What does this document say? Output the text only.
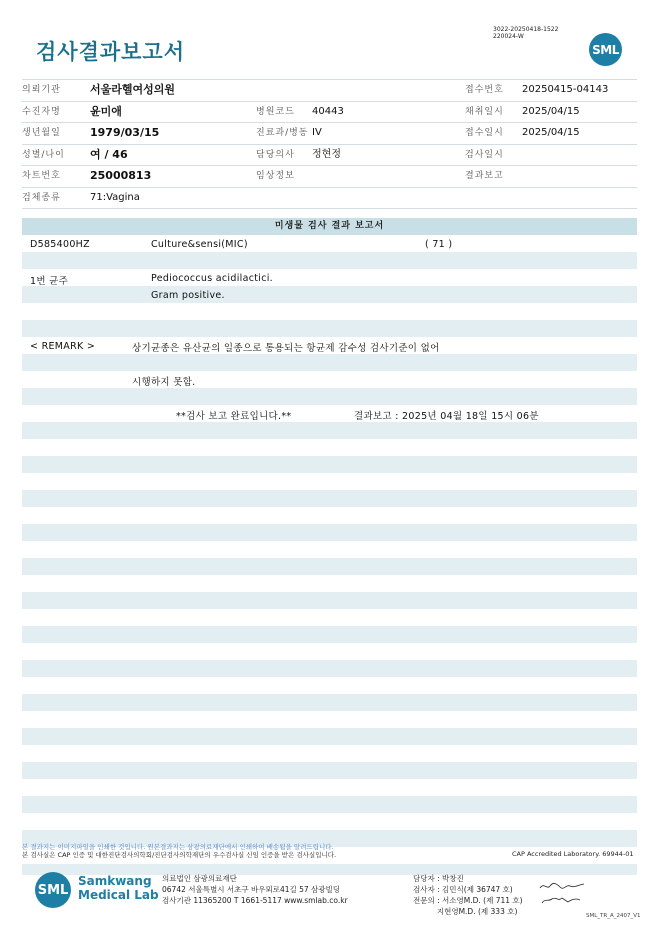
검사결과보고서
3022-20250418-1522
220024-W
SML
의뢰기관	서울라헬여성의원	접수번호 20250415-04143
수진자명	윤미애	병원코드 40443	채취일시 2025/04/15
생년월일	1979/03/15	진료과/병동 IV	접수일시 2025/04/15
성별/나이 여 / 46	담당의사 정현정	검사일시
차트번호	25000813	임상정보	결과보고
검체종류	71:Vagina
미생물 검사 결과 보고서
D585400HZ	Culture&sensi(MIC)	( 71 )
1번 균주	Pediococcus acidilactici.
Gram positive.
< REMARK >	상기균종은 유산균의 일종으로 통용되는 항균제 감수성 검사기준이 없어
시행하지 못함.
**검사 보고 완료입니다.**	결과보고 : 2025년 04월 18일 15시 06분
본 결과지는 이미지파일을 인쇄한 것입니다. 원본결과지는 삼광의료재단에서 인쇄하여 배송됨을 알려드립니다.
본 검사실은 CAP 인증 및 대한진단검사의학회/진단검사의학재단의 우수검사실 신임 인증을 받은 검사실입니다.	CAP Accredited Laboratory. 69944-01
SML
Samkwang
Medical Lab
의료법인 삼광의료재단
06742 서울특별시 서초구 바우뫼로41길 57 삼광빌딩
검사기관 11365200 T 1661-5117 www.smlab.co.kr
담당자 : 박창진
검사자 : 김민식(제 36747 호)
전문의 : 서소영M.D. (제 711 호)
지현영M.D. (제 333 호)	SML_TR_A_2407_V1
